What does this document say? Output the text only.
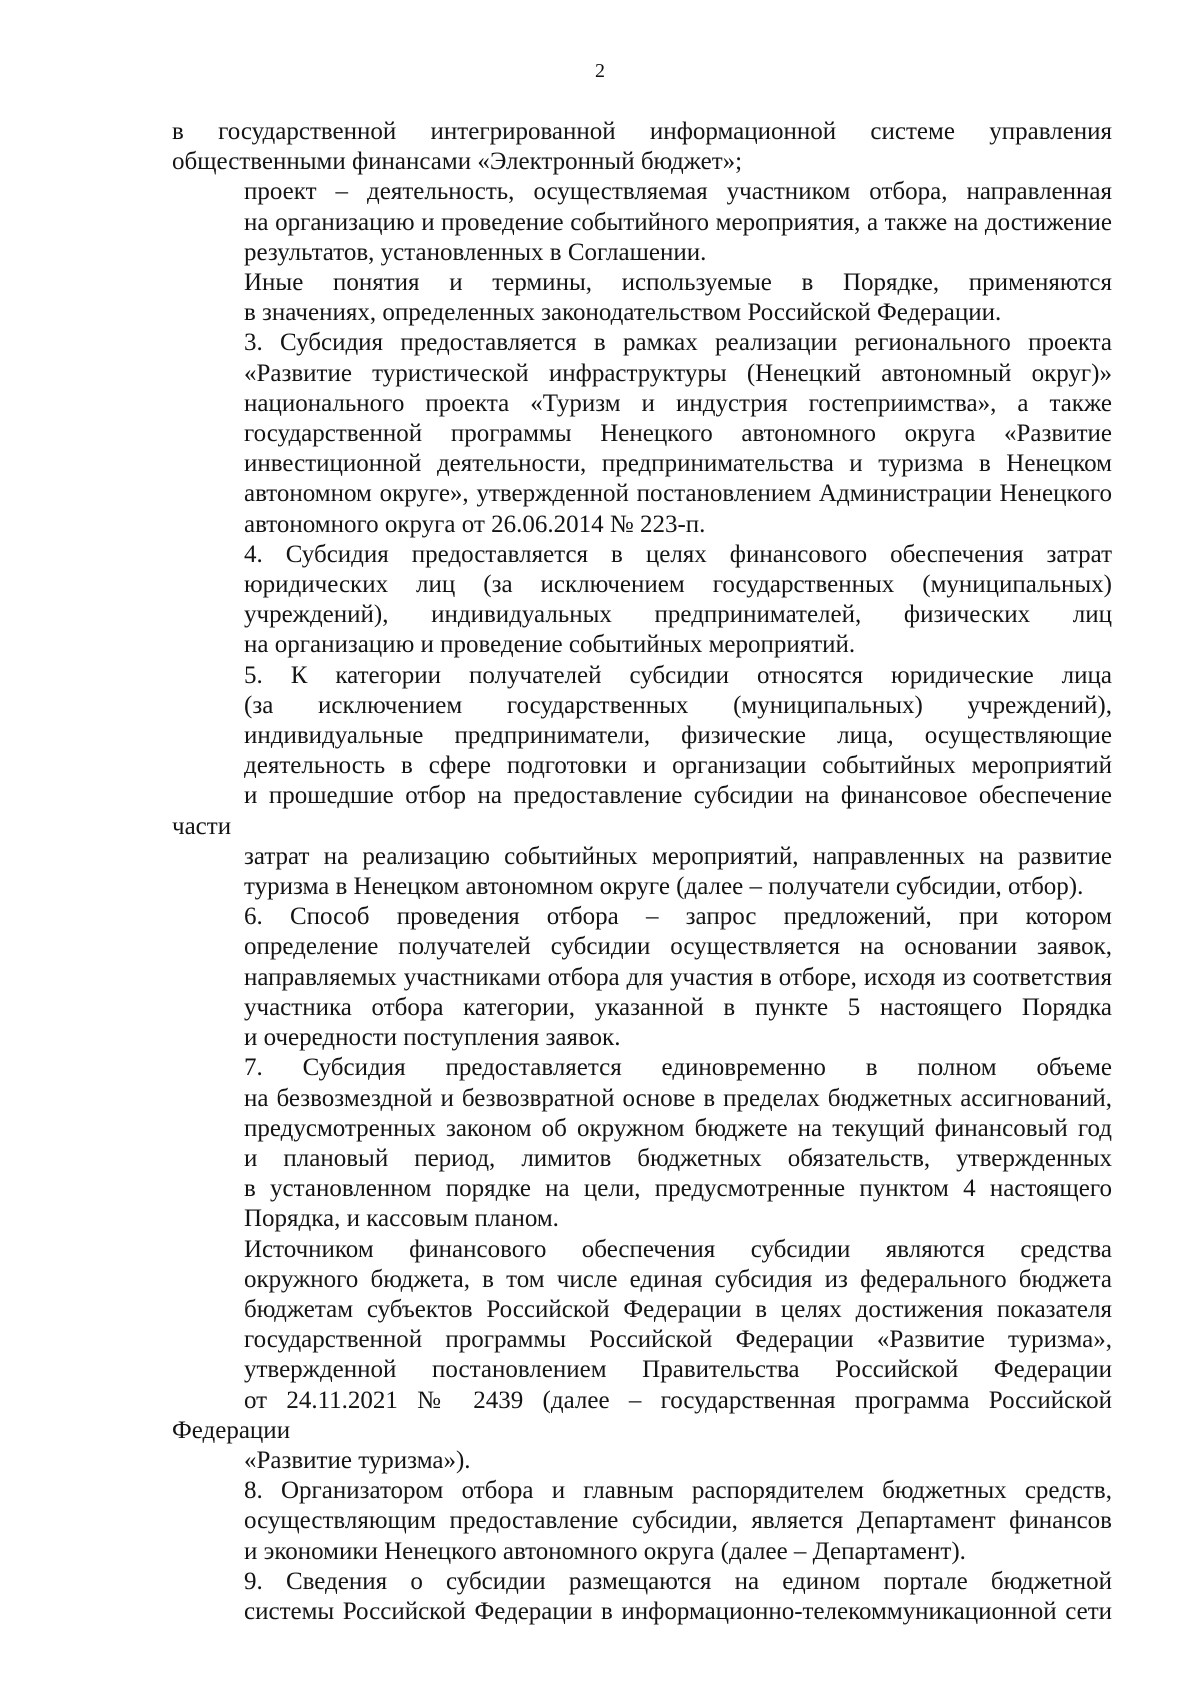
2
в государственной интегрированной информационной системе управления
общественными финансами «Электронный бюджет»;
проект – деятельность, осуществляемая участником отбора, направленная
на организацию и проведение событийного мероприятия, а также на достижение
результатов, установленных в Соглашении.
Иные понятия и термины, используемые в Порядке, применяются
в значениях, определенных законодательством Российской Федерации.
3. Субсидия предоставляется в рамках реализации регионального проекта
«Развитие туристической инфраструктуры (Ненецкий автономный округ)»
национального проекта «Туризм и индустрия гостеприимства», а также
государственной программы Ненецкого автономного округа «Развитие
инвестиционной деятельности, предпринимательства и туризма в Ненецком
автономном округе», утвержденной постановлением Администрации Ненецкого
автономного округа от 26.06.2014 № 223-п.
4. Субсидия предоставляется в целях финансового обеспечения затрат
юридических лиц (за исключением государственных (муниципальных)
учреждений), индивидуальных предпринимателей, физических лиц
на организацию и проведение событийных мероприятий.
5. К категории получателей субсидии относятся юридические лица
(за исключением государственных (муниципальных) учреждений),
индивидуальные предприниматели, физические лица, осуществляющие
деятельность в сфере подготовки и организации событийных мероприятий
и прошедшие отбор на предоставление субсидии на финансовое обеспечение части
затрат на реализацию событийных мероприятий, направленных на развитие
туризма в Ненецком автономном округе (далее – получатели субсидии, отбор).
6. Способ проведения отбора – запрос предложений, при котором
определение получателей субсидии осуществляется на основании заявок,
направляемых участниками отбора для участия в отборе, исходя из соответствия
участника отбора категории, указанной в пункте 5 настоящего Порядка
и очередности поступления заявок.
7. Субсидия предоставляется единовременно в полном объеме
на безвозмездной и безвозвратной основе в пределах бюджетных ассигнований,
предусмотренных законом об окружном бюджете на текущий финансовый год
и плановый период, лимитов бюджетных обязательств, утвержденных
в установленном порядке на цели, предусмотренные пунктом 4 настоящего
Порядка, и кассовым планом.
Источником финансового обеспечения субсидии являются средства
окружного бюджета, в том числе единая субсидия из федерального бюджета
бюджетам субъектов Российской Федерации в целях достижения показателя
государственной программы Российской Федерации «Развитие туризма»,
утвержденной постановлением Правительства Российской Федерации
от 24.11.2021 № 2439 (далее – государственная программа Российской Федерации
«Развитие туризма»).
8. Организатором отбора и главным распорядителем бюджетных средств,
осуществляющим предоставление субсидии, является Департамент финансов
и экономики Ненецкого автономного округа (далее – Департамент).
9. Сведения о субсидии размещаются на едином портале бюджетной
системы Российской Федерации в информационно-телекоммуникационной сети
